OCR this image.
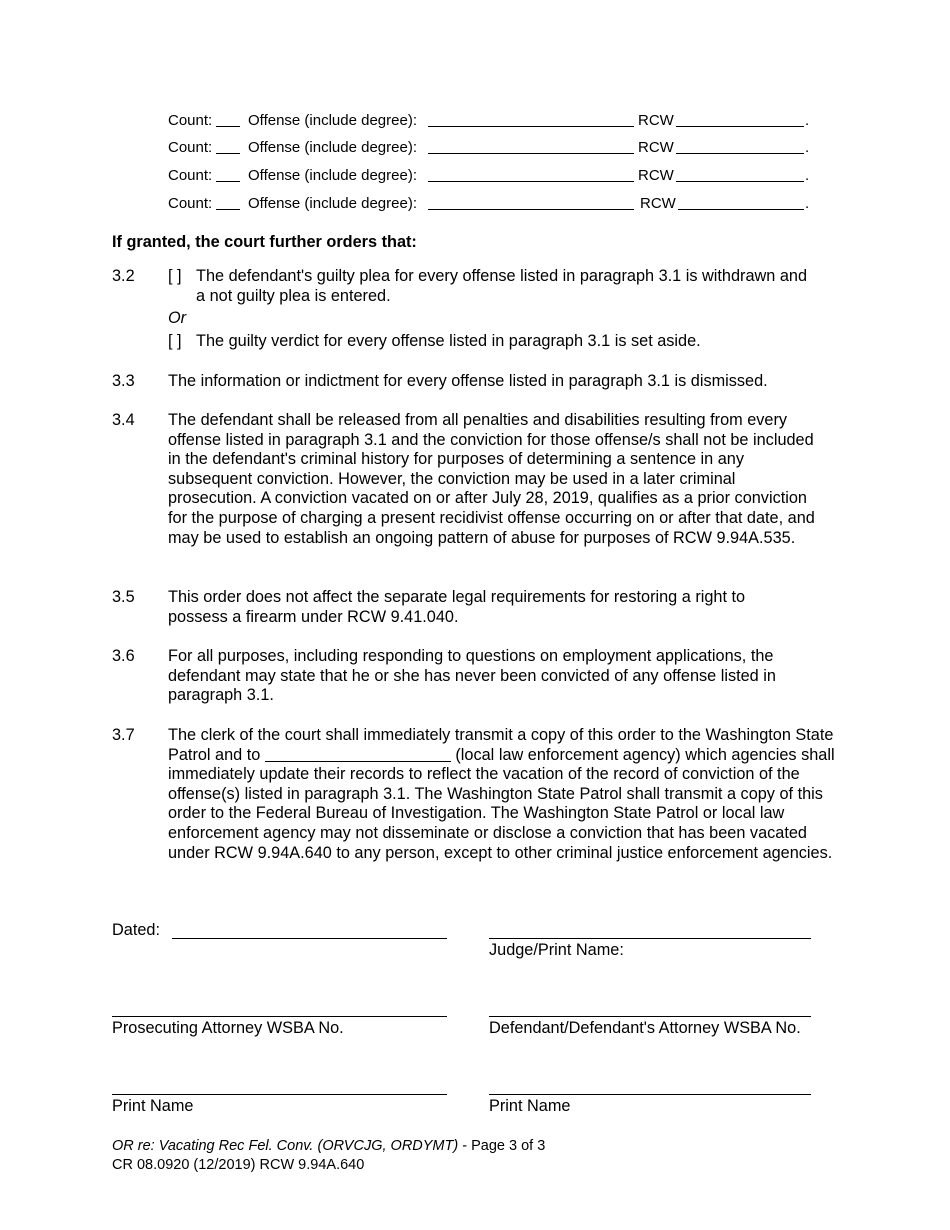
Count: Offense (include degree):	RCW	.
Count: Offense (include degree):	RCW	.
Count: Offense (include degree):	RCW	.
Count: Offense (include degree):	RCW	.
If granted, the court further orders that:
3.2 [ ] The defendant's guilty plea for every offense listed in paragraph 3.1 is withdrawn and
a not guilty plea is entered.
Or
[ ] The guilty verdict for every offense listed in paragraph 3.1 is set aside.
3.3 The information or indictment for every offense listed in paragraph 3.1 is dismissed.
3.4 The defendant shall be released from all penalties and disabilities resulting from every offense listed in paragraph 3.1 and the conviction for those offense/s shall not be included in the defendant's criminal history for purposes of determining a sentence in any subsequent conviction. However, the conviction may be used in a later criminal prosecution. A conviction vacated on or after July 28, 2019, qualifies as a prior conviction for the purpose of charging a present recidivist offense occurring on or after that date, and may be used to establish an ongoing pattern of abuse for purposes of RCW 9.94A.535.
3.5 This order does not affect the separate legal requirements for restoring a right to possess a firearm under RCW 9.41.040.
3.6 For all purposes, including responding to questions on employment applications, the defendant may state that he or she has never been convicted of any offense listed in paragraph 3.1.
3.7 The clerk of the court shall immediately transmit a copy of this order to the Washington State Patrol and to	(local law enforcement agency) which agencies shall immediately update their records to reflect the vacation of the record of conviction of the offense(s) listed in paragraph 3.1. The Washington State Patrol shall transmit a copy of this order to the Federal Bureau of Investigation. The Washington State Patrol or local law enforcement agency may not disseminate or disclose a conviction that has been vacated under RCW 9.94A.640 to any person, except to other criminal justice enforcement agencies.
Dated:
Judge/Print Name:
Prosecuting Attorney WSBA No.	Defendant/Defendant's Attorney WSBA No.
Print Name	Print Name
OR re: Vacating Rec Fel. Conv. (ORVCJG, ORDYMT) - Page 3 of 3
CR 08.0920 (12/2019) RCW 9.94A.640
